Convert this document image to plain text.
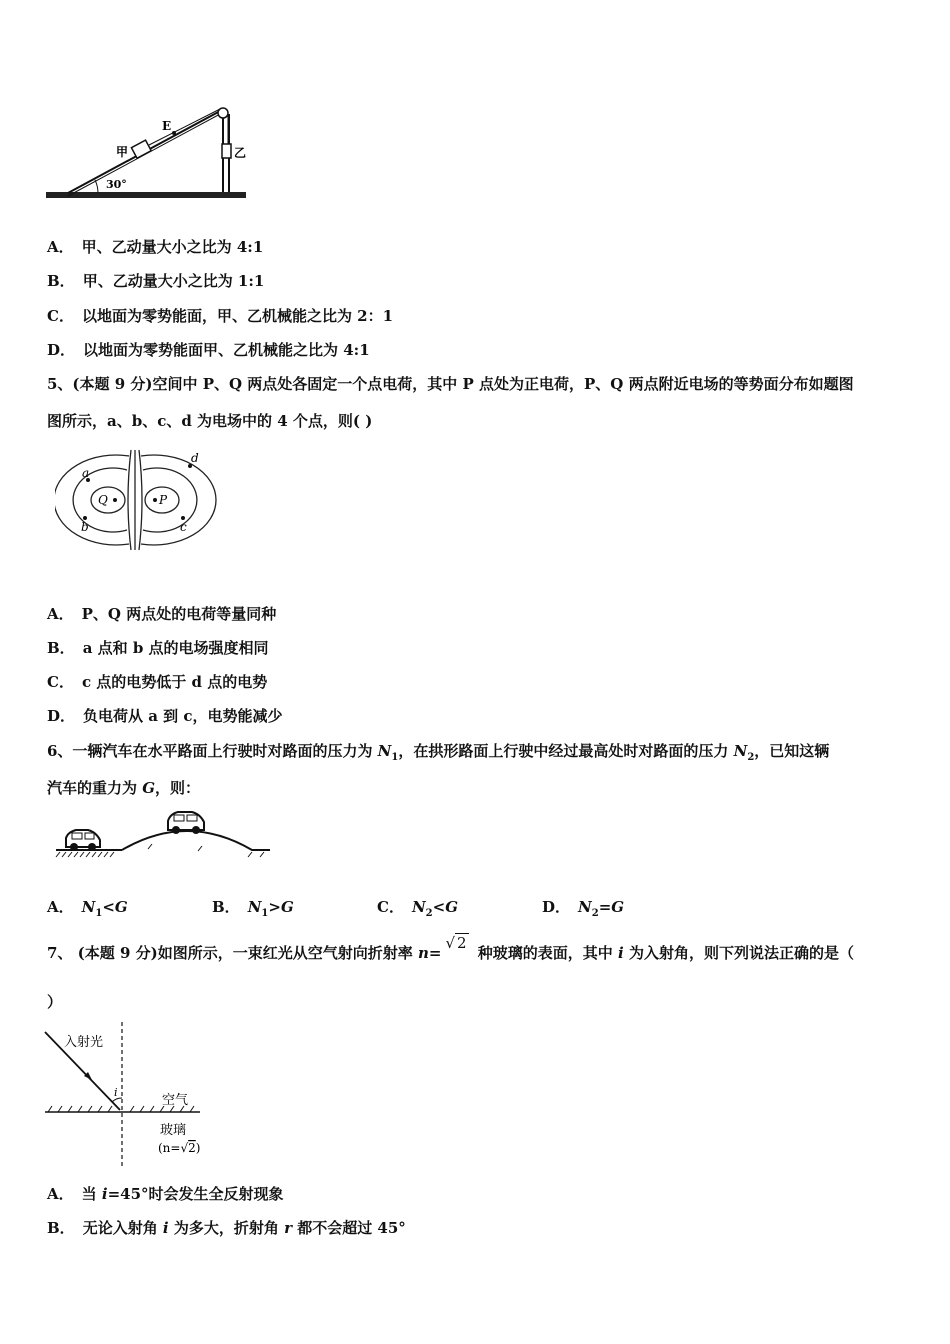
甲
E
乙
30°
A． 甲、乙动量大小之比为 4:1
B． 甲、乙动量大小之比为 1:1
C． 以地面为零势能面，甲、乙机械能之比为 2：1
D． 以地面为零势能面甲、乙机械能之比为 4:1
5、(本题 9 分)空间中 P、Q 两点处各固定一个点电荷，其中 P 点处为正电荷，P、Q 两点附近电场的等势面分布如题图
图所示，a、b、c、d 为电场中的 4 个点，则( )
Q	P
a
b	c
d
A． P、Q 两点处的电荷等量同种
B． a 点和 b 点的电场强度相同
C． c 点的电势低于 d 点的电势
D． 负电荷从 a 到 c，电势能减少
6、一辆汽车在水平路面上行驶时对路面的压力为 $N_1$，在拱形路面上行驶中经过最高处时对路面的压力 $N_2$，已知这辆
汽车的重力为 G，则：
A． $N_1<G$	B． $N_1>G$	C． $N_2<G$	D． $N_2=G$
7、 (本题 9 分)如图所示，一束红光从空气射向折射率 n=√ 2 种玻璃的表面，其中 i 为入射角，则下列说法正确的是（
）
入射光
i
空气
玻璃
(n=√2)
A． 当 i=45°时会发生全反射现象
B． 无论入射角 i 为多大，折射角 r 都不会超过 45°
